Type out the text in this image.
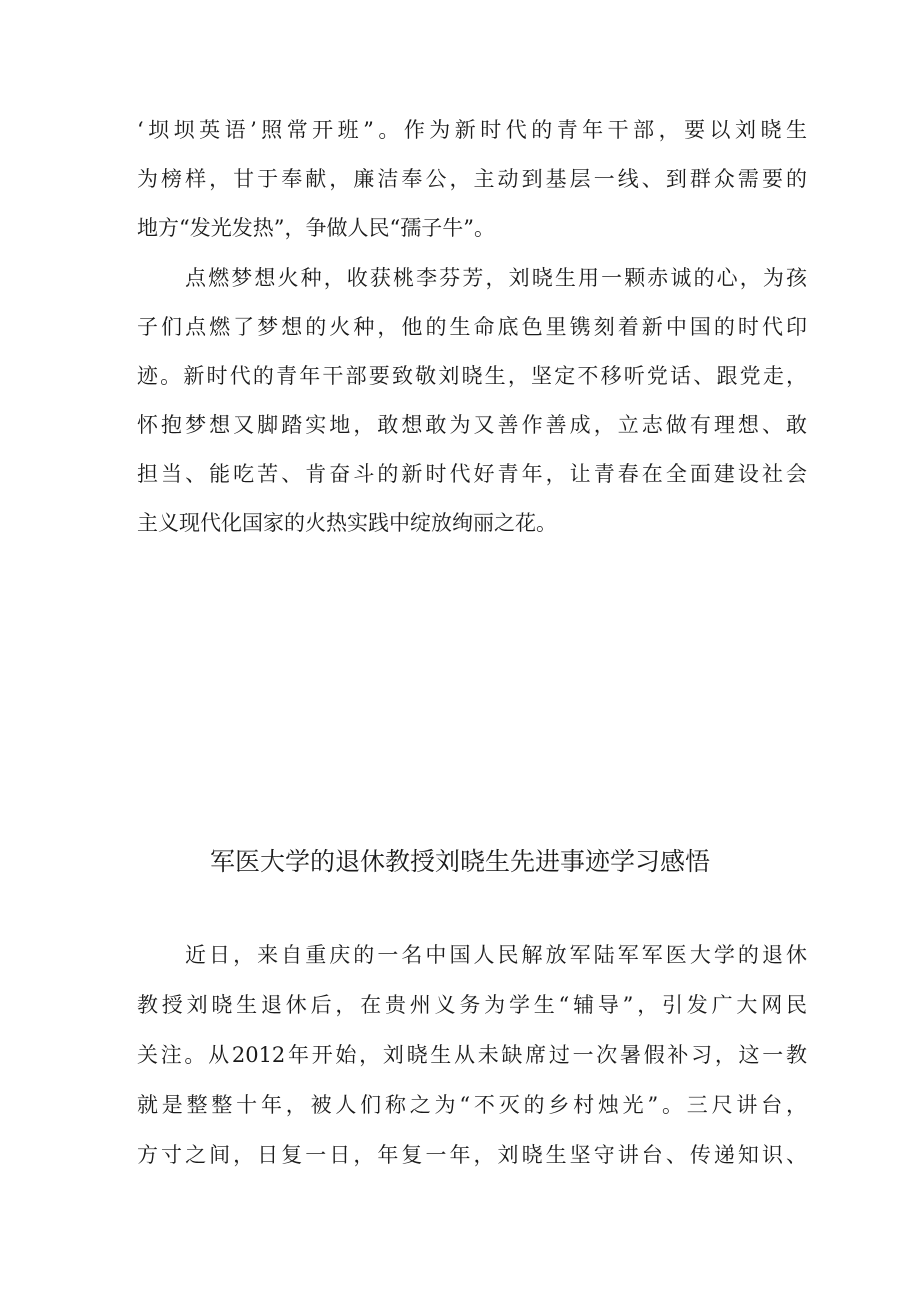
‘坝坝英语’照常开班”。作为新时代的青年干部，要以刘晓生
为榜样，甘于奉献，廉洁奉公，主动到基层一线、到群众需要的
地方“发光发热”，争做人民“孺子牛”。
点燃梦想火种，收获桃李芬芳，刘晓生用一颗赤诚的心，为孩
子们点燃了梦想的火种，他的生命底色里镌刻着新中国的时代印
迹。新时代的青年干部要致敬刘晓生，坚定不移听党话、跟党走，
怀抱梦想又脚踏实地，敢想敢为又善作善成，立志做有理想、敢
担当、能吃苦、肯奋斗的新时代好青年，让青春在全面建设社会
主义现代化国家的火热实践中绽放绚丽之花。
军医大学的退休教授刘晓生先进事迹学习感悟
近日，来自重庆的一名中国人民解放军陆军军医大学的退休
教授刘晓生退休后，在贵州义务为学生“辅导”，引发广大网民
关注。从2012年开始，刘晓生从未缺席过一次暑假补习，这一教
就是整整十年，被人们称之为“不灭的乡村烛光”。三尺讲台，
方寸之间，日复一日，年复一年，刘晓生坚守讲台、传递知识、
